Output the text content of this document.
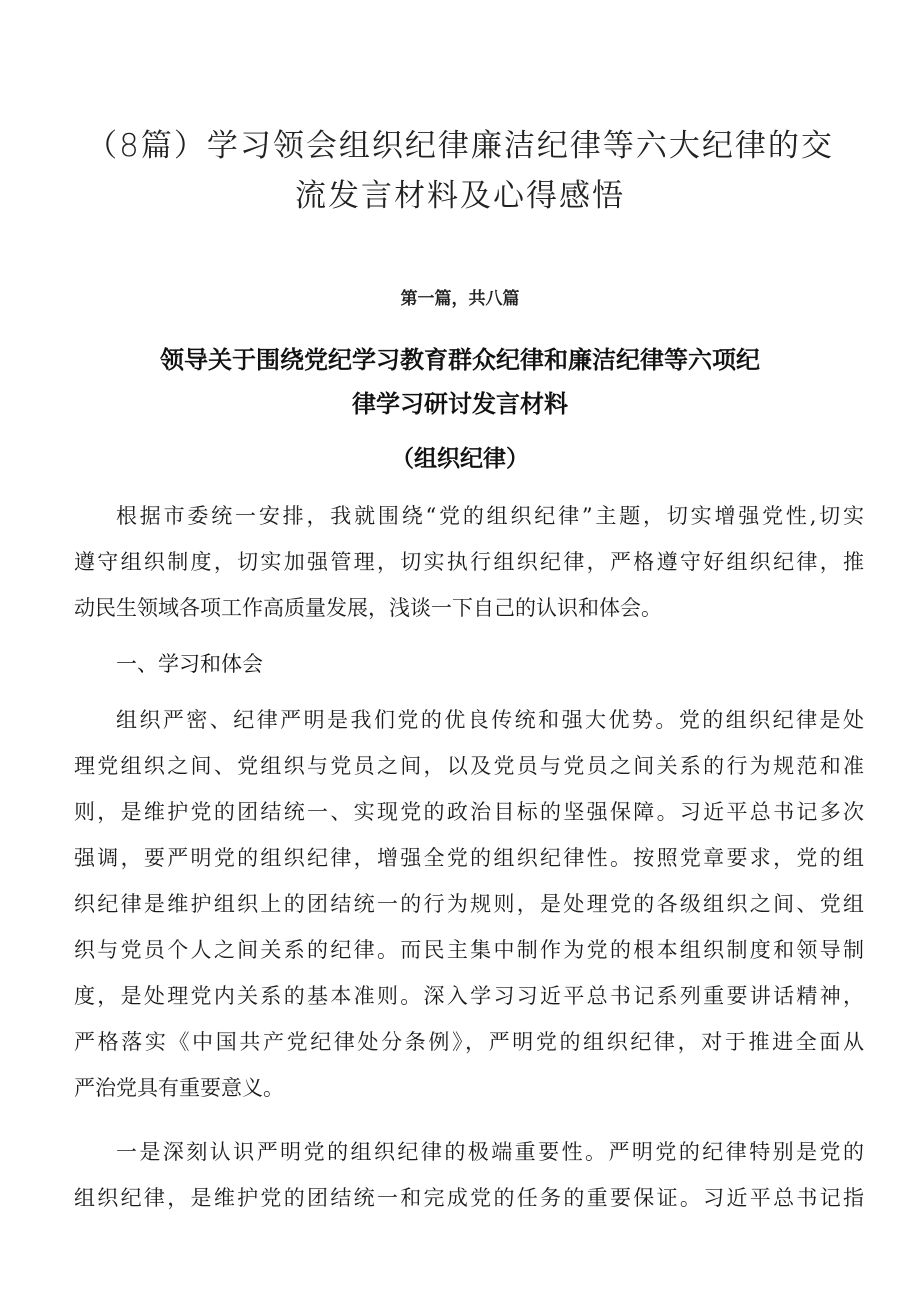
（8篇）学习领会组织纪律廉洁纪律等六大纪律的交
流发言材料及心得感悟
第一篇，共八篇
领导关于围绕党纪学习教育群众纪律和廉洁纪律等六项纪
律学习研讨发言材料
（组织纪律）
根据市委统一安排，我就围绕“党的组织纪律”主题，切实增强党性,切实
遵守组织制度，切实加强管理，切实执行组织纪律，严格遵守好组织纪律，推
动民生领域各项工作高质量发展，浅谈一下自己的认识和体会。
一、学习和体会
组织严密、纪律严明是我们党的优良传统和强大优势。党的组织纪律是处
理党组织之间、党组织与党员之间，以及党员与党员之间关系的行为规范和准
则，是维护党的团结统一、实现党的政治目标的坚强保障。习近平总书记多次
强调，要严明党的组织纪律，增强全党的组织纪律性。按照党章要求，党的组
织纪律是维护组织上的团结统一的行为规则，是处理党的各级组织之间、党组
织与党员个人之间关系的纪律。而民主集中制作为党的根本组织制度和领导制
度，是处理党内关系的基本准则。深入学习习近平总书记系列重要讲话精神，
严格落实《中国共产党纪律处分条例》，严明党的组织纪律，对于推进全面从
严治党具有重要意义。
一是深刻认识严明党的组织纪律的极端重要性。严明党的纪律特别是党的
组织纪律，是维护党的团结统一和完成党的任务的重要保证。习近平总书记指
